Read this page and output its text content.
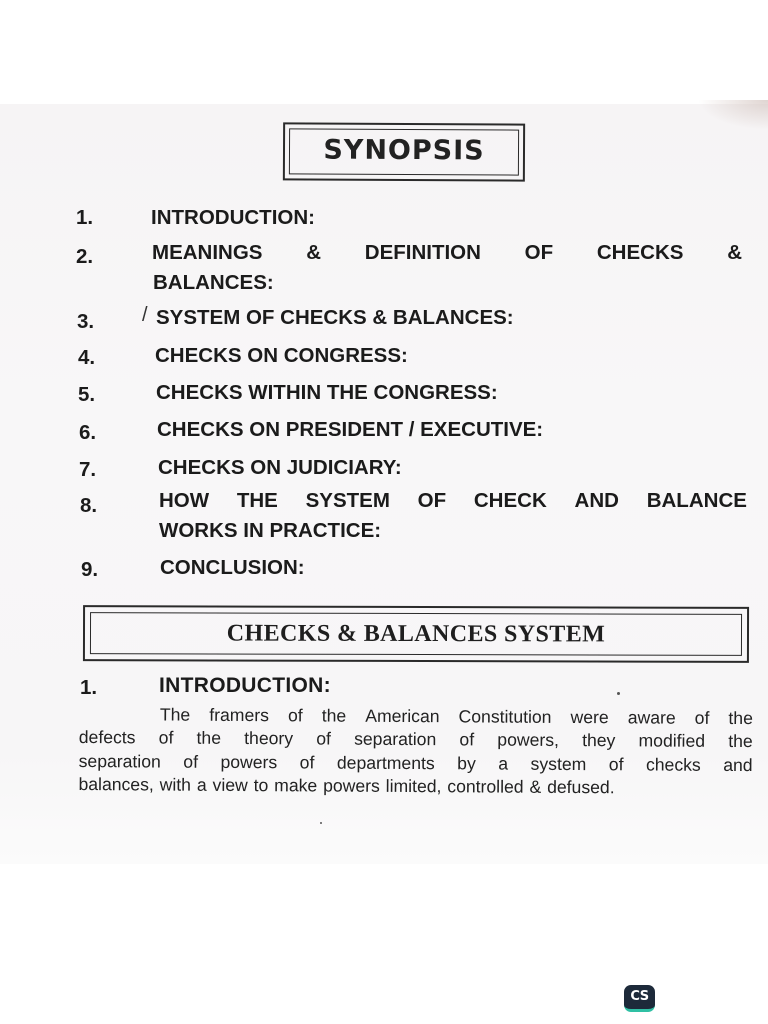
SYNOPSIS
1.	INTRODUCTION:
2.	MEANINGS & DEFINITION OF CHECKS &
BALANCES:
3. / SYSTEM OF CHECKS & BALANCES:
4.	CHECKS ON CONGRESS:
5.	CHECKS WITHIN THE CONGRESS:
6.	CHECKS ON PRESIDENT / EXECUTIVE:
7.	CHECKS ON JUDICIARY:
8.	HOW THE SYSTEM OF CHECK AND BALANCE
WORKS IN PRACTICE:
9.	CONCLUSION:
CHECKS & BALANCES SYSTEM
1.	INTRODUCTION:
The framers of the American Constitution were aware of the
defects of the theory of separation of powers, they modified the
separation of powers of departments by a system of checks and
balances, with a view to make powers limited, controlled & defused.
CS
